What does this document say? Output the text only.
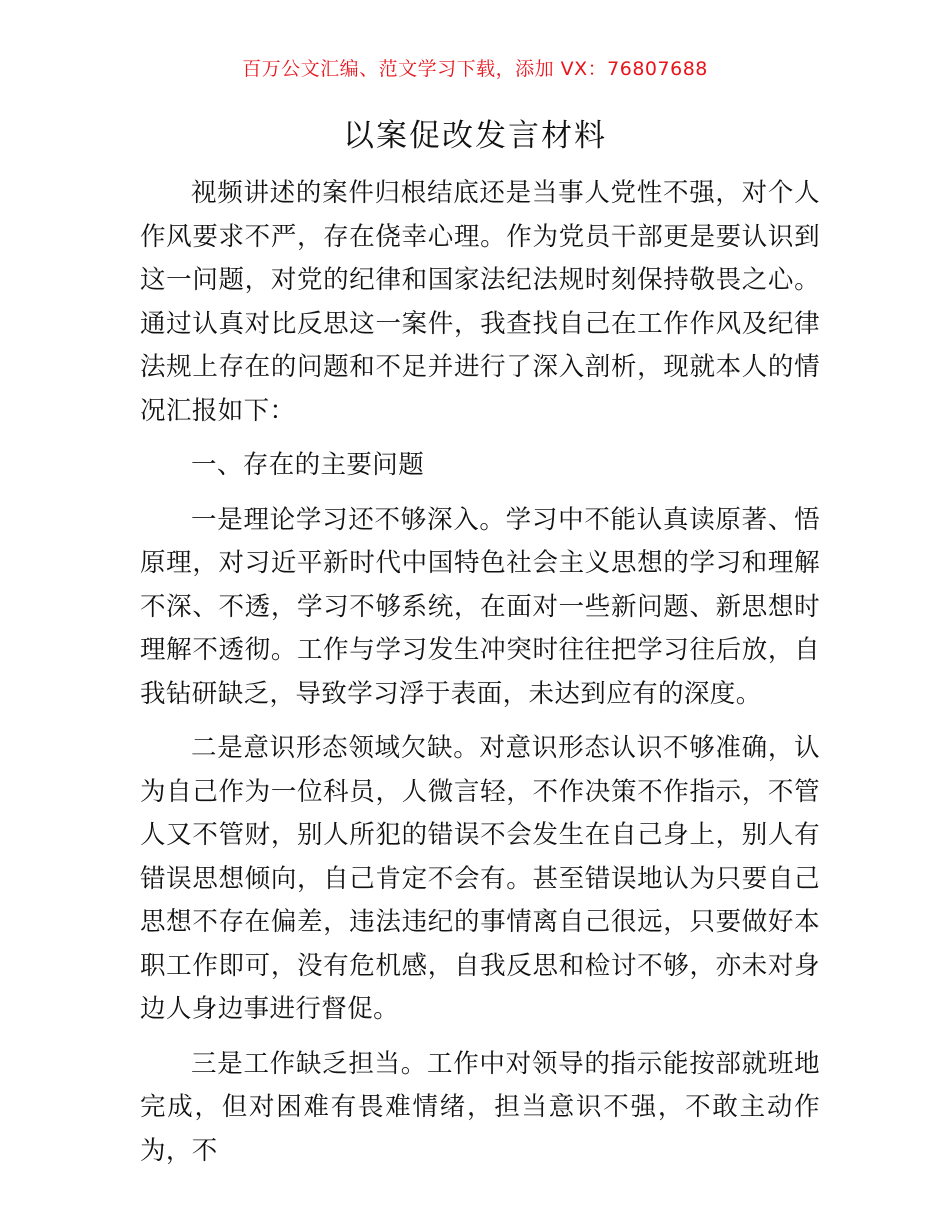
百万公文汇编、范文学习下载，添加 VX：76807688
以案促改发言材料

视频讲述的案件归根结底还是当事人党性不强，对个人作风要求不严，存在侥幸心理。作为党员干部更是要认识到这一问题，对党的纪律和国家法纪法规时刻保持敬畏之心。通过认真对比反思这一案件，我查找自己在工作作风及纪律法规上存在的问题和不足并进行了深入剖析，现就本人的情况汇报如下：

一、存在的主要问题

一是理论学习还不够深入。学习中不能认真读原著、悟原理，对习近平新时代中国特色社会主义思想的学习和理解不深、不透，学习不够系统，在面对一些新问题、新思想时理解不透彻。工作与学习发生冲突时往往把学习往后放，自我钻研缺乏，导致学习浮于表面，未达到应有的深度。

二是意识形态领域欠缺。对意识形态认识不够准确，认为自己作为一位科员，人微言轻，不作决策不作指示，不管人又不管财，别人所犯的错误不会发生在自己身上，别人有错误思想倾向，自己肯定不会有。甚至错误地认为只要自己思想不存在偏差，违法违纪的事情离自己很远，只要做好本职工作即可，没有危机感，自我反思和检讨不够，亦未对身边人身边事进行督促。

三是工作缺乏担当。工作中对领导的指示能按部就班地完成，但对困难有畏难情绪，担当意识不强，不敢主动作为，不
